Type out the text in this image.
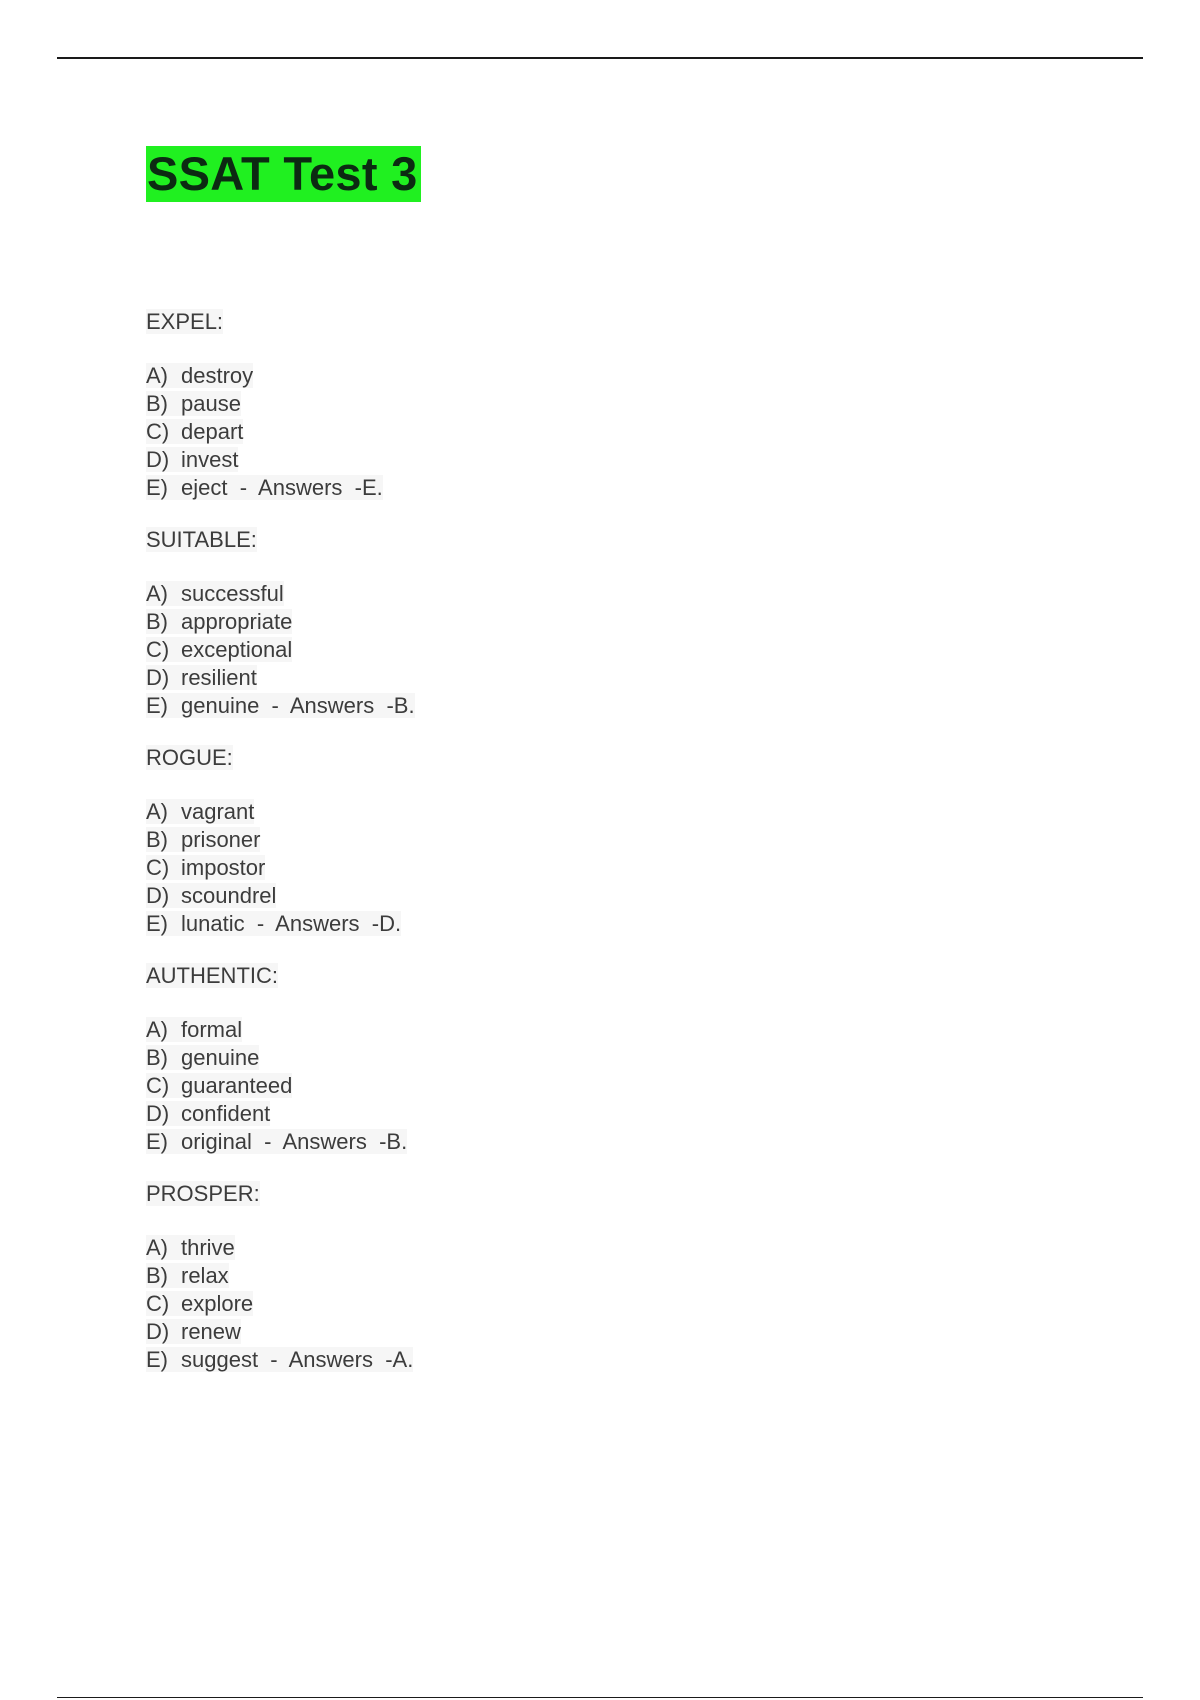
SSAT Test 3
EXPEL:
A) destroy
B) pause
C) depart
D) invest
E) eject  -  Answers  -E.
SUITABLE:
A) successful
B) appropriate
C) exceptional
D) resilient
E) genuine  -  Answers  -B.
ROGUE:
A) vagrant
B) prisoner
C) impostor
D) scoundrel
E) lunatic  -  Answers  -D.
AUTHENTIC:
A) formal
B) genuine
C) guaranteed
D) confident
E) original  -  Answers  -B.
PROSPER:
A) thrive
B) relax
C) explore
D) renew
E) suggest  -  Answers  -A.
